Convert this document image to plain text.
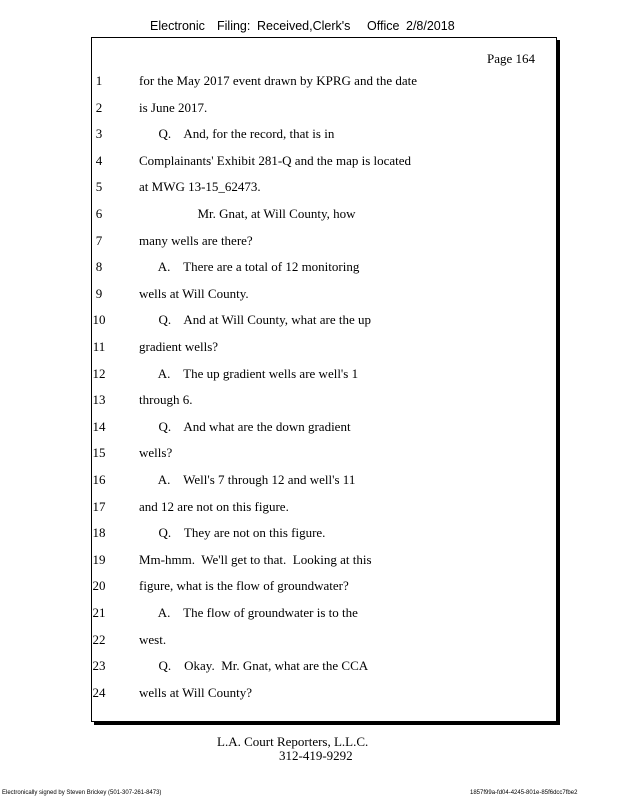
Electronic Filing: Received,Clerk's Office 2/8/2018
Page 164
1	for the May 2017 event drawn by KPRG and the date
2	is June 2017.
3	Q.    And, for the record, that is in
4	Complainants' Exhibit 281-Q and the map is located
5	at MWG 13-15_62473.
6	Mr. Gnat, at Will County, how
7	many wells are there?
8	A.    There are a total of 12 monitoring
9	wells at Will County.
10	Q.    And at Will County, what are the up
11	gradient wells?
12	A.    The up gradient wells are well's 1
13	through 6.
14	Q.    And what are the down gradient
15	wells?
16	A.    Well's 7 through 12 and well's 11
17	and 12 are not on this figure.
18	Q.    They are not on this figure.
19	Mm-hmm.  We'll get to that.  Looking at this
20	figure, what is the flow of groundwater?
21	A.    The flow of groundwater is to the
22	west.
23	Q.    Okay.  Mr. Gnat, what are the CCA
24	wells at Will County?
L.A. Court Reporters, L.L.C.
312-419-9292
Electronically signed by Steven Brickey (501-307-261-8473)	1857f99a-fd04-4245-801e-85f6dcc7fbe2
